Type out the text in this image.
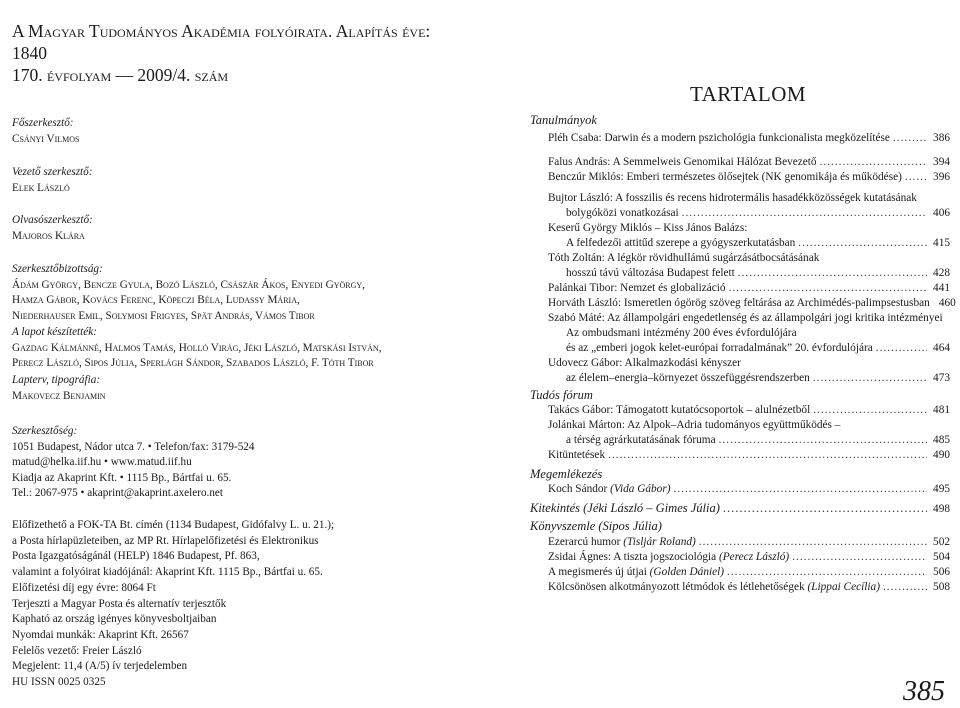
A Magyar Tudományos Akadémia folyóirata. Alapítás éve: 1840
170. évfolyam — 2009/4. szám
Főszerkesztő:
Csányi Vilmos
Vezető szerkesztő:
Elek László
Olvasószerkesztő:
Majoros Klára
Szerkesztőbizottság:
Ádám György, Bencze Gyula, Bozó László, Császár Ákos, Enyedi György,
Hamza Gábor, Kovács Ferenc, Köpeczi Béla, Ludassy Mária,
Niederhauser Emil, Solymosi Frigyes, Spät András, Vámos Tibor
A lapot készítették:
Gazdag Kálmánné, Halmos Tamás, Holló Virág, Jéki László, Matskási István,
Perecz László, Sipos Júlia, Sperlágh Sándor, Szabados László, F. Tóth Tibor
Lapterv, tipográfia:
Makovecz Benjamin
Szerkesztőség:
1051 Budapest, Nádor utca 7. • Telefon/fax: 3179-524
matud@helka.iif.hu • www.matud.iif.hu
Kiadja az Akaprint Kft. • 1115 Bp., Bártfai u. 65.
Tel.: 2067-975 • akaprint@akaprint.axelero.net
Előfizethető a FOK-TA Bt. címén (1134 Budapest, Gidófalvy L. u. 21.);
a Posta hírlapüzleteiben, az MP Rt. Hírlapelőfizetési és Elektronikus
Posta Igazgatóságánál (HELP) 1846 Budapest, Pf. 863,
valamint a folyóirat kiadójánál: Akaprint Kft. 1115 Bp., Bártfai u. 65.
Előfizetési díj egy évre: 8064 Ft
Terjeszti a Magyar Posta és alternatív terjesztők
Kapható az ország igényes könyvesboltjaiban
Nyomdai munkák: Akaprint Kft. 26567
Felelős vezető: Freier László
Megjelent: 11,4 (A/5) ív terjedelemben
HU ISSN 0025 0325
TARTALOM
Tanulmányok
Pléh Csaba: Darwin és a modern pszichológia funkcionalista megközelítése .....	386
Falus András: A Semmelweis Genomikai Hálózat Bevezető .....	394
Benczúr Miklós: Emberi természetes ölősejtek (NK genomikája és működése) .....	396
Bujtor László: A fosszilis és recens hidrotermális hasadékközösségek kutatásának
bolygóközi vonatkozásai .....	406
Keserű György Miklós – Kiss János Balázs:
A felfedezői attitűd szerepe a gyógyszerkutatásban .....	415
Tóth Zoltán: A légkör rövidhullámú sugárzásátbocsátásának
hosszú távú változása Budapest felett .....	428
Palánkai Tibor: Nemzet és globalizáció .....	441
Horváth László: Ismeretlen ógörög szöveg feltárása az Archimédés-palimpsestusban 460
Szabó Máté: Az állampolgári engedetlenség és az állampolgári jogi kritika intézményei
Az ombudsmani intézmény 200 éves évfordulójára
és az „emberi jogok kelet-európai forradalmának” 20. évfordulójára .....	464
Udovecz Gábor: Alkalmazkodási kényszer
az élelem–energia–környezet összefüggésrendszerben .....	473
Tudós fórum
Takács Gábor: Támogatott kutatócsoportok – alulnézetből .....	481
Jolánkai Márton: Az Alpok–Adria tudományos együttműködés –
a térség agrárkutatásának fóruma .....	485
Kitüntetések .....	490
Megemlékezés
Koch Sándor (Vida Gábor) .....	495
Kitekintés (Jéki László – Gimes Júlia) .....	498
Könyvszemle (Sipos Júlia)
Ezerarcú humor (Tisljár Roland) .....	502
Zsidai Ágnes: A tiszta jogszociológia (Perecz László) .....	504
A megismerés új útjai (Golden Dániel) .....	506
Kölcsönösen alkotmányozott létmódok és létlehetőségek (Lippai Cecília) .....	508
385
